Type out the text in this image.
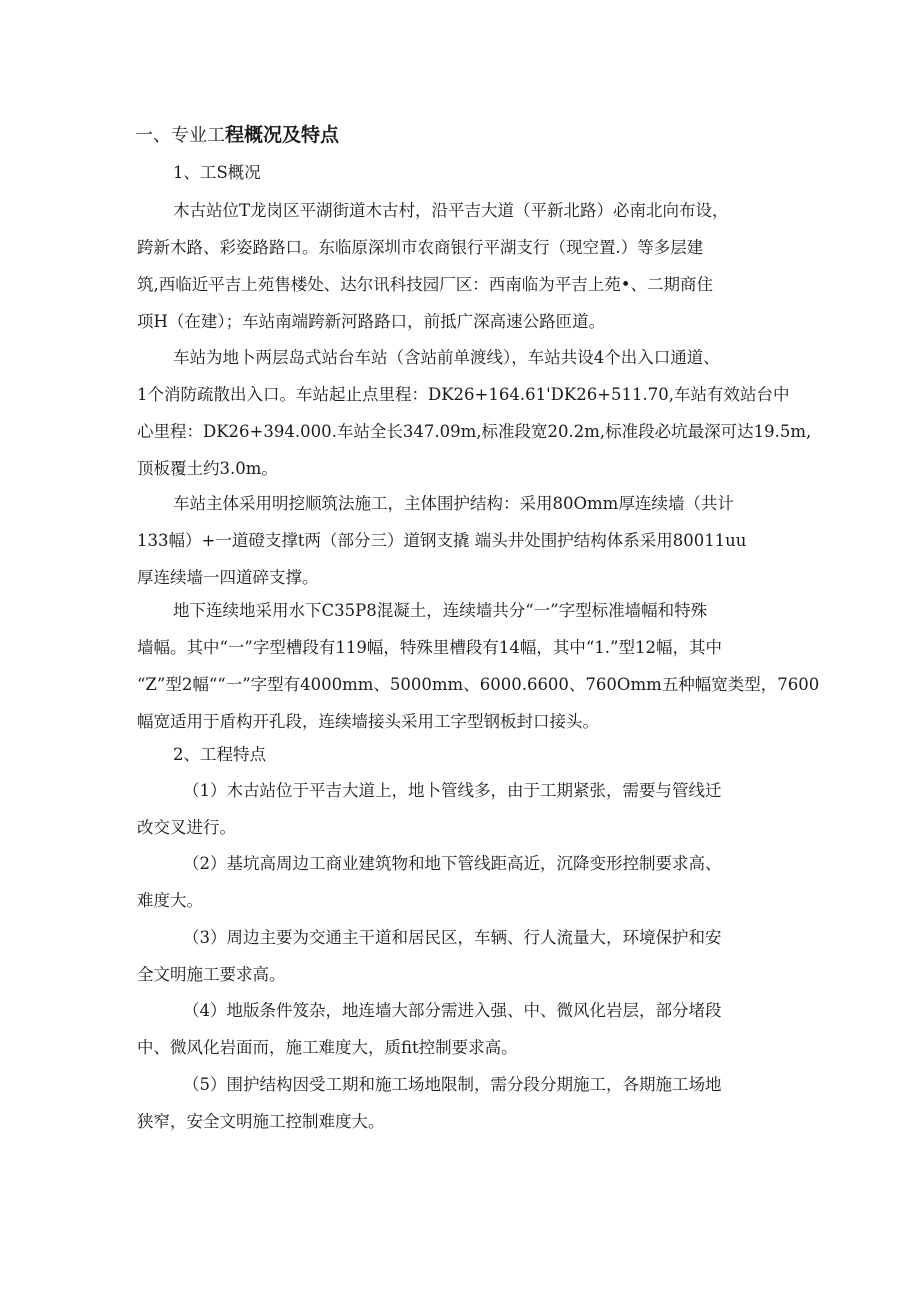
一、专业工程概况及特点
1、工S概况
木古站位T龙岗区平湖街道木古村，沿平吉大道（平新北路）必南北向布设，
跨新木路、彩姿路路口。东临原深圳市农商银行平湖支行（现空置.）等多层建
筑,西临近平吉上苑售楼处、达尔讯科技园厂区：西南临为平吉上苑•、二期商住
项H（在建）；车站南端跨新河路路口，前抵广深高速公路匝道。
车站为地卜两层岛式站台车站（含站前单渡线），车站共设4个出入口通道、
1个消防疏散出入口。车站起止点里程：DK26+164.61'DK26+511.70,车站有效站台中
心里程：DK26+394.000.车站全长347.09m,标准段宽20.2m,标准段必坑最深可达19.5m,
顶板覆土约3.0m。
车站主体采用明挖顺筑法施工，主体围护结构：采用80Omm厚连续墙（共计
133幅）+一道磴支撑t两（部分三）道钢支撬 端头井处围护结构体系采用80011uu
厚连续墙一四道碎支撑。
地下连续地采用水下C35P8混凝土，连续墙共分“一”字型标准墙幅和特殊
墙幅。其中“一”字型槽段有119幅，特殊里槽段有14幅，其中“1.”型12幅，其中
“Z”型2幅““一”字型有4000mm、5000mm、6000.6600、760Omm五种幅宽类型，7600
幅宽适用于盾构开孔段，连续墙接头采用工字型钢板封口接头。
2、工程特点
（1）木古站位于平吉大道上，地卜管线多，由于工期紧张，需要与管线迁
改交叉进行。
（2）基坑高周边工商业建筑物和地下管线距高近，沉降变形控制要求高、
难度大。
（3）周边主要为交通主干道和居民区，车辆、行人流量大，环境保护和安
全文明施工要求高。
（4）地版条件笈杂，地连墙大部分需进入强、中、微风化岩层，部分堵段
中、微风化岩面而，施工难度大，质fit控制要求高。
（5）围护结构因受工期和施工场地限制，需分段分期施工，各期施工场地
狭窄，安全文明施工控制难度大。
